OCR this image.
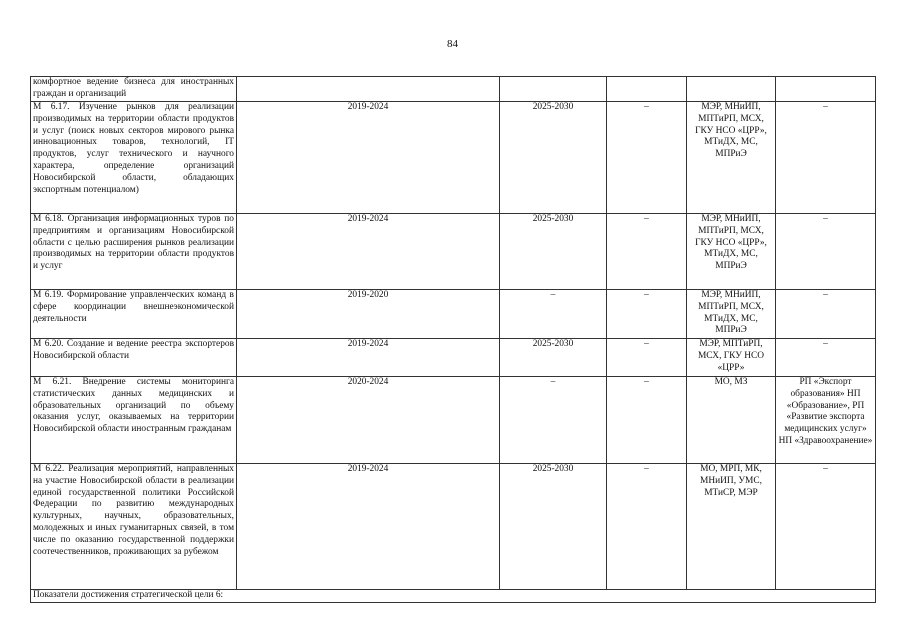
84
комфортное ведение бизнеса для иностранных граждан и организаций					
М 6.17. Изучение рынков для реализации производимых на территории области продуктов и услуг (поиск новых секторов мирового рынка инновационных товаров, технологий, IT продуктов, услуг технического и научного характера, определение организаций Новосибирской области, обладающих экспортным потенциалом)	2019-2024	2025-2030	–	МЭР, МНиИП, МПТиРП, МСХ, ГКУ НСО «ЦРР», МТиДХ, МС, МПРиЭ	–
М 6.18. Организация информационных туров по предприятиям и организациям Новосибирской области с целью расширения рынков реализации производимых на территории области продуктов и услуг	2019-2024	2025-2030	–	МЭР, МНиИП, МПТиРП, МСХ, ГКУ НСО «ЦРР», МТиДХ, МС, МПРиЭ	–
М 6.19. Формирование управленческих команд в сфере координации внешнеэкономической деятельности	2019-2020	–	–	МЭР, МНиИП, МПТиРП, МСХ, МТиДХ, МС, МПРиЭ	–
М 6.20. Создание и ведение реестра экспортеров Новосибирской области	2019-2024	2025-2030	–	МЭР, МПТиРП, МСХ, ГКУ НСО «ЦРР»	–
М 6.21. Внедрение системы мониторинга статистических данных медицинских и образовательных организаций по объему оказания услуг, оказываемых на территории Новосибирской области иностранным гражданам	2020-2024	–	–	МО, МЗ	РП «Экспорт образования» НП «Образование», РП «Развитие экспорта медицинских услуг» НП «Здравоохранение»
М 6.22. Реализация мероприятий, направленных на участие Новосибирской области в реализации единой государственной политики Российской Федерации по развитию международных культурных, научных, образовательных, молодежных и иных гуманитарных связей, в том числе по оказанию государственной поддержки соотечественников, проживающих за рубежом	2019-2024	2025-2030	–	МО, МРП, МК, МНиИП, УМС, МТиСР, МЭР	–
Показатели достижения стратегической цели 6:					
